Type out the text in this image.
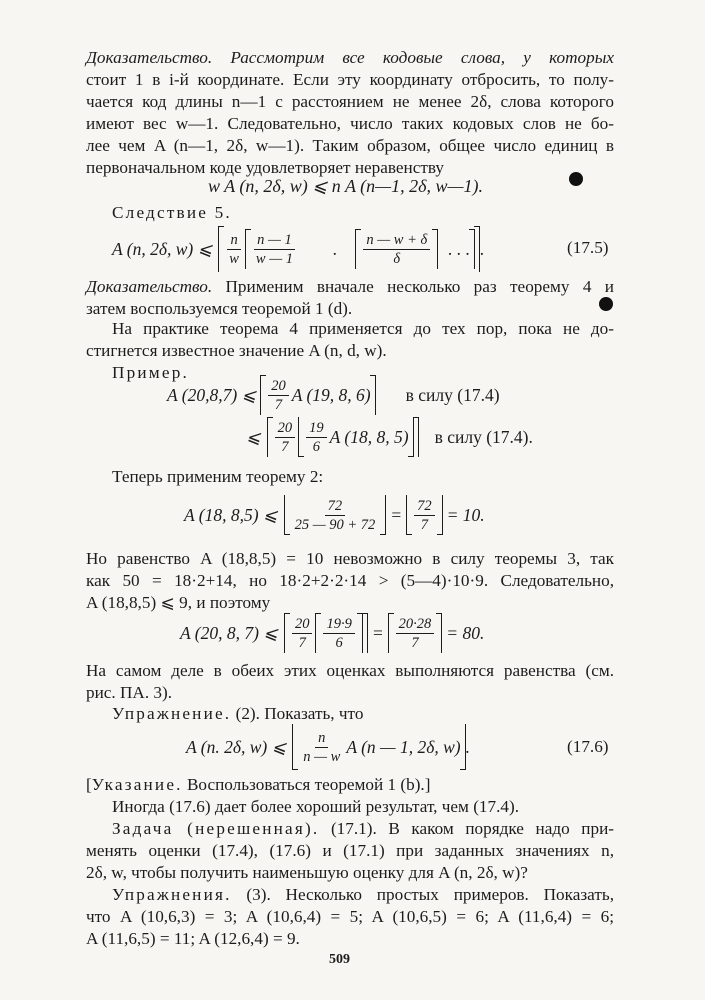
Доказательство. Рассмотрим все кодовые слова, у которых
стоит 1 в i-й координате. Если эту координату отбросить, то полу-
чается код длины n—1 с расстоянием не менее 2δ, слова которого
имеют вес w—1. Следовательно, число таких кодовых слов не бо-
лее чем A (n—1, 2δ, w—1). Таким образом, общее число единиц в
первоначальном коде удовлетворяет неравенству
w A (n, 2δ, w) ⩽ n A (n—1, 2δ, w—1).
Следствие 5.
A (n, 2δ, w) ⩽ $\frac{n}{w} \frac{n — 1}{w — 1}$ . $\frac{n — w + \delta}{\delta}$ . . . .	(17.5)
Доказательство. Применим вначале несколько раз теорему 4 и
затем воспользуемся теоремой 1 (d).
На практике теорема 4 применяется до тех пор, пока не до-
стигнется известное значение A (n, d, w).
Пример.
A (20,8,7) ⩽ $\frac{20}{7}$ A (19, 8, 6) в силу (17.4)
⩽ $\frac{20}{7} \frac{19}{6}$ A (18, 8, 5) в силу (17.4).
Теперь применим теорему 2:
A (18, 8,5) ⩽ $\frac{72}{25 — 90 + 72} = \frac{72}{7} = 10$.
Но равенство A (18,8,5) = 10 невозможно в силу теоремы 3, так
как 50 = 18·2+14, но 18·2+2·2·14 > (5—4)·10·9. Следовательно,
A (18,8,5) ⩽ 9, и поэтому
A (20, 8, 7) ⩽ $\frac{20}{7} \frac{19\cdot 9}{6} = \frac{20\cdot 28}{7} = 80$.
На самом деле в обеих этих оценках выполняются равенства (см.
рис. ПА. 3).
Упражнение. (2). Показать, что
A (n. 2δ, w) ⩽ $\frac{n}{n — w}$ A (n — 1, 2δ, w) .	(17.6)
[Указание. Воспользоваться теоремой 1 (b).]
Иногда (17.6) дает более хороший результат, чем (17.4).
Задача (нерешенная). (17.1). В каком порядке надо при-
менять оценки (17.4), (17.6) и (17.1) при заданных значениях n,
2δ, w, чтобы получить наименьшую оценку для A (n, 2δ, w)?
Упражнения. (3). Несколько простых примеров. Показать,
что A (10,6,3) = 3; A (10,6,4) = 5; A (10,6,5) = 6; A (11,6,4) = 6;
A (11,6,5) = 11; A (12,6,4) = 9.
509
